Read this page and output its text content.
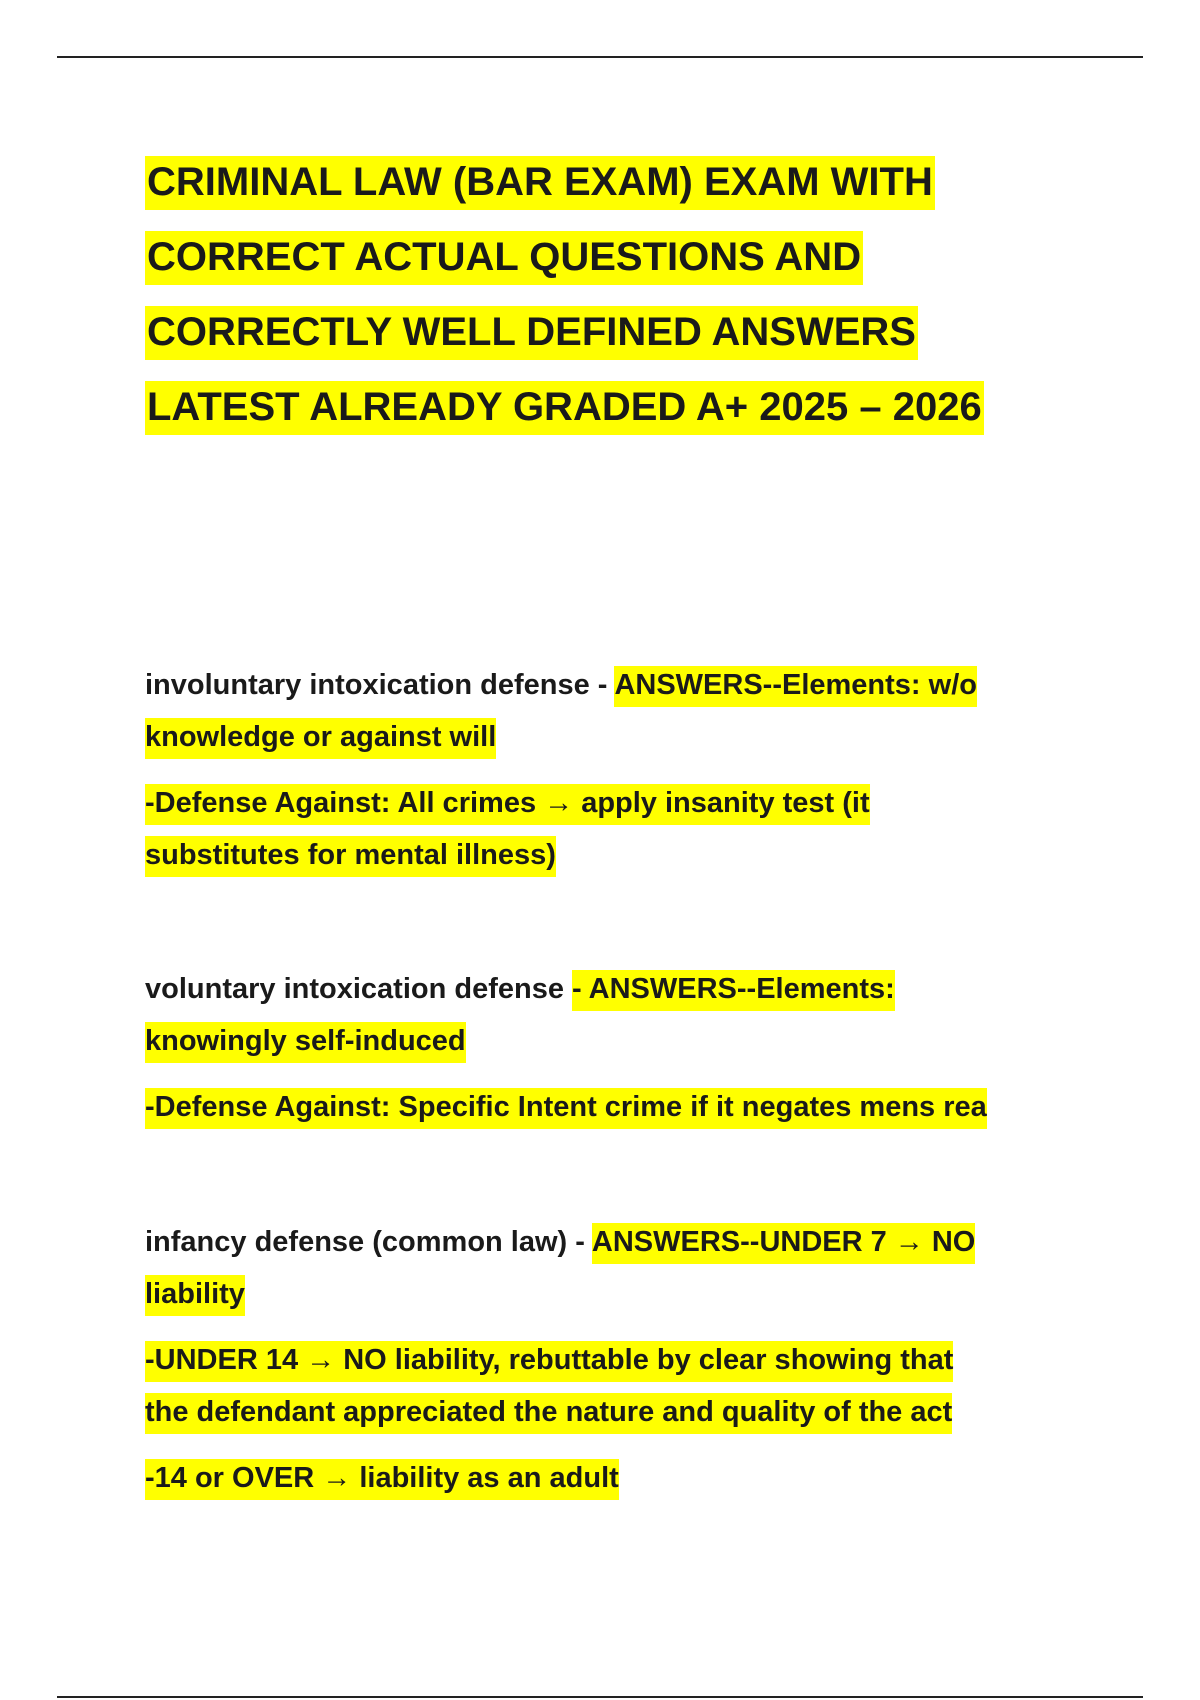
CRIMINAL LAW (BAR EXAM) EXAM WITH
CORRECT ACTUAL QUESTIONS AND
CORRECTLY WELL DEFINED ANSWERS
LATEST ALREADY GRADED A+ 2025 – 2026
involuntary intoxication defense - ANSWERS--Elements: w/o
knowledge or against will
-Defense Against: All crimes → apply insanity test (it
substitutes for mental illness)
voluntary intoxication defense - ANSWERS--Elements:
knowingly self-induced
-Defense Against: Specific Intent crime if it negates mens rea
infancy defense (common law) - ANSWERS--UNDER 7 → NO
liability
-UNDER 14 → NO liability, rebuttable by clear showing that
the defendant appreciated the nature and quality of the act
-14 or OVER → liability as an adult
